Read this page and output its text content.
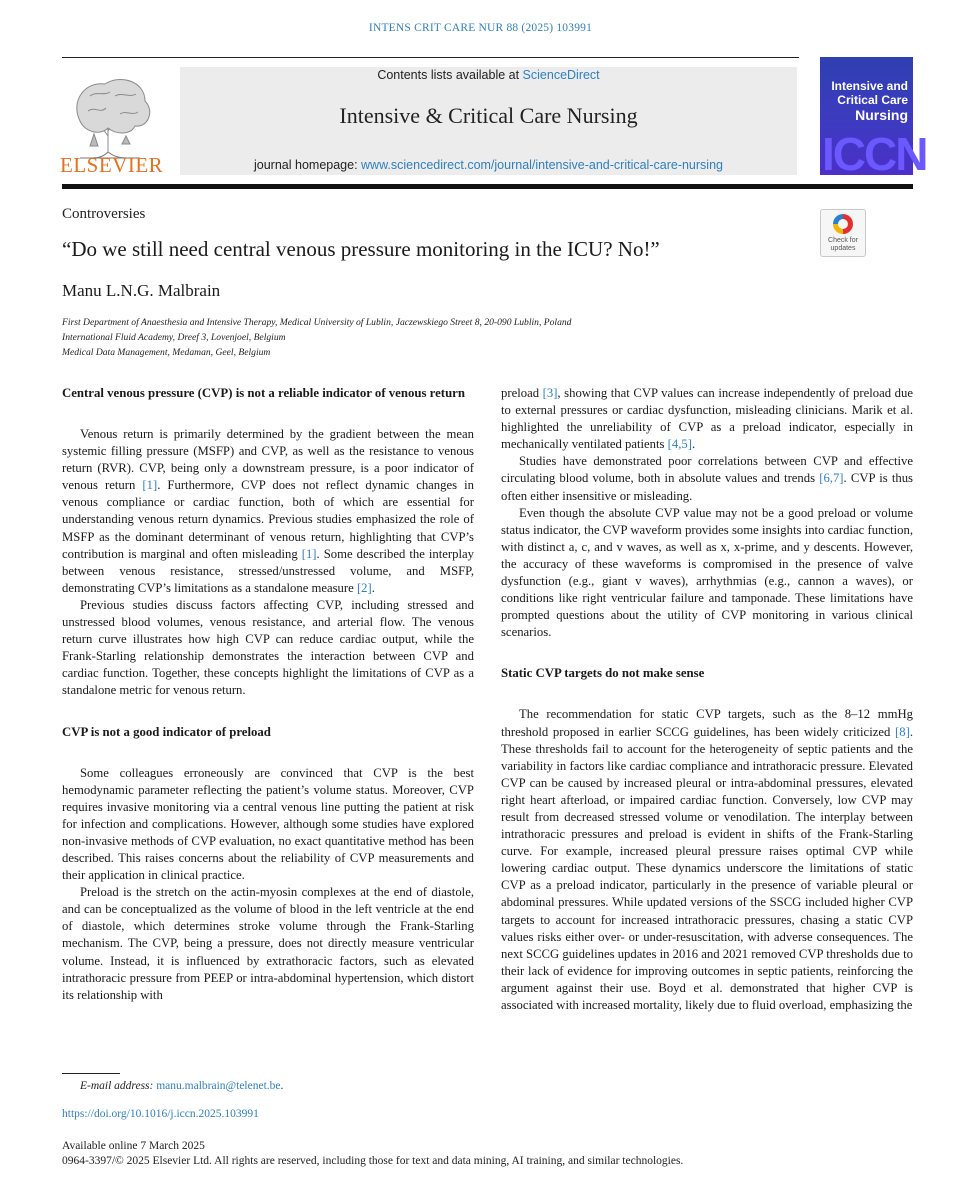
INTENS CRIT CARE NUR 88 (2025) 103991
ELSEVIER
Contents lists available at ScienceDirect
Intensive & Critical Care Nursing
journal homepage: www.sciencedirect.com/journal/intensive-and-critical-care-nursing
Intensive and
Critical Care
Nursing
ICCN
Controversies
“Do we still need central venous pressure monitoring in the ICU? No!”	Check for
updates
Manu L.N.G. Malbrain
First Department of Anaesthesia and Intensive Therapy, Medical University of Lublin, Jaczewskiego Street 8, 20-090 Lublin, Poland
International Fluid Academy, Dreef 3, Lovenjoel, Belgium
Medical Data Management, Medaman, Geel, Belgium
Central venous pressure (CVP) is not a reliable indicator of venous return

Venous return is primarily determined by the gradient between the mean systemic filling pressure (MSFP) and CVP, as well as the resistance to venous return (RVR). CVP, being only a downstream pressure, is a poor indicator of venous return [1]. Furthermore, CVP does not reflect dynamic changes in venous compliance or cardiac function, both of which are essential for understanding venous return dynamics. Previous studies emphasized the role of MSFP as the dominant determinant of venous return, highlighting that CVP’s contribution is marginal and often misleading [1]. Some described the interplay between venous resistance, stressed/unstressed volume, and MSFP, demonstrating CVP’s limitations as a standalone measure [2].

Previous studies discuss factors affecting CVP, including stressed and unstressed blood volumes, venous resistance, and arterial flow. The venous return curve illustrates how high CVP can reduce cardiac output, while the Frank-Starling relationship demonstrates the interaction between CVP and cardiac function. Together, these concepts highlight the limitations of CVP as a standalone metric for venous return.

CVP is not a good indicator of preload

Some colleagues erroneously are convinced that CVP is the best hemodynamic parameter reflecting the patient’s volume status. Moreover, CVP requires invasive monitoring via a central venous line putting the patient at risk for infection and complications. However, although some studies have explored non-invasive methods of CVP evaluation, no exact quantitative method has been described. This raises concerns about the reliability of CVP measurements and their application in clinical practice.

Preload is the stretch on the actin-myosin complexes at the end of diastole, and can be conceptualized as the volume of blood in the left ventricle at the end of diastole, which determines stroke volume through the Frank-Starling mechanism. The CVP, being a pressure, does not directly measure ventricular volume. Instead, it is influenced by extrathoracic factors, such as elevated intrathoracic pressure from PEEP or intra-abdominal hypertension, which distort its relationship with

preload [3], showing that CVP values can increase independently of preload due to external pressures or cardiac dysfunction, misleading clinicians. Marik et al. highlighted the unreliability of CVP as a preload indicator, especially in mechanically ventilated patients [4,5].

Studies have demonstrated poor correlations between CVP and effective circulating blood volume, both in absolute values and trends [6,7]. CVP is thus often either insensitive or misleading.

Even though the absolute CVP value may not be a good preload or volume status indicator, the CVP waveform provides some insights into cardiac function, with distinct a, c, and v waves, as well as x, x-prime, and y descents. However, the accuracy of these waveforms is compromised in the presence of valve dysfunction (e.g., giant v waves), arrhythmias (e.g., cannon a waves), or conditions like right ventricular failure and tamponade. These limitations have prompted questions about the utility of CVP monitoring in various clinical scenarios.

Static CVP targets do not make sense

The recommendation for static CVP targets, such as the 8–12 mmHg threshold proposed in earlier SCCG guidelines, has been widely criticized [8]. These thresholds fail to account for the heterogeneity of septic patients and the variability in factors like cardiac compliance and intrathoracic pressure. Elevated CVP can be caused by increased pleural or intra-abdominal pressures, elevated right heart afterload, or impaired cardiac function. Conversely, low CVP may result from decreased stressed volume or venodilation. The interplay between intrathoracic pressures and preload is evident in shifts of the Frank-Starling curve. For example, increased pleural pressure raises optimal CVP while lowering cardiac output. These dynamics underscore the limitations of static CVP as a preload indicator, particularly in the presence of variable pleural or abdominal pressures. While updated versions of the SSCG included higher CVP targets to account for increased intrathoracic pressures, chasing a static CVP values risks either over- or under-resuscitation, with adverse consequences. The next SCCG guidelines updates in 2016 and 2021 removed CVP thresholds due to their lack of evidence for improving outcomes in septic patients, reinforcing the argument against their use. Boyd et al. demonstrated that higher CVP is associated with increased mortality, likely due to fluid overload, emphasizing the

E-mail address: manu.malbrain@telenet.be.
https://doi.org/10.1016/j.iccn.2025.103991
Available online 7 March 2025
0964-3397/© 2025 Elsevier Ltd. All rights are reserved, including those for text and data mining, AI training, and similar technologies.
